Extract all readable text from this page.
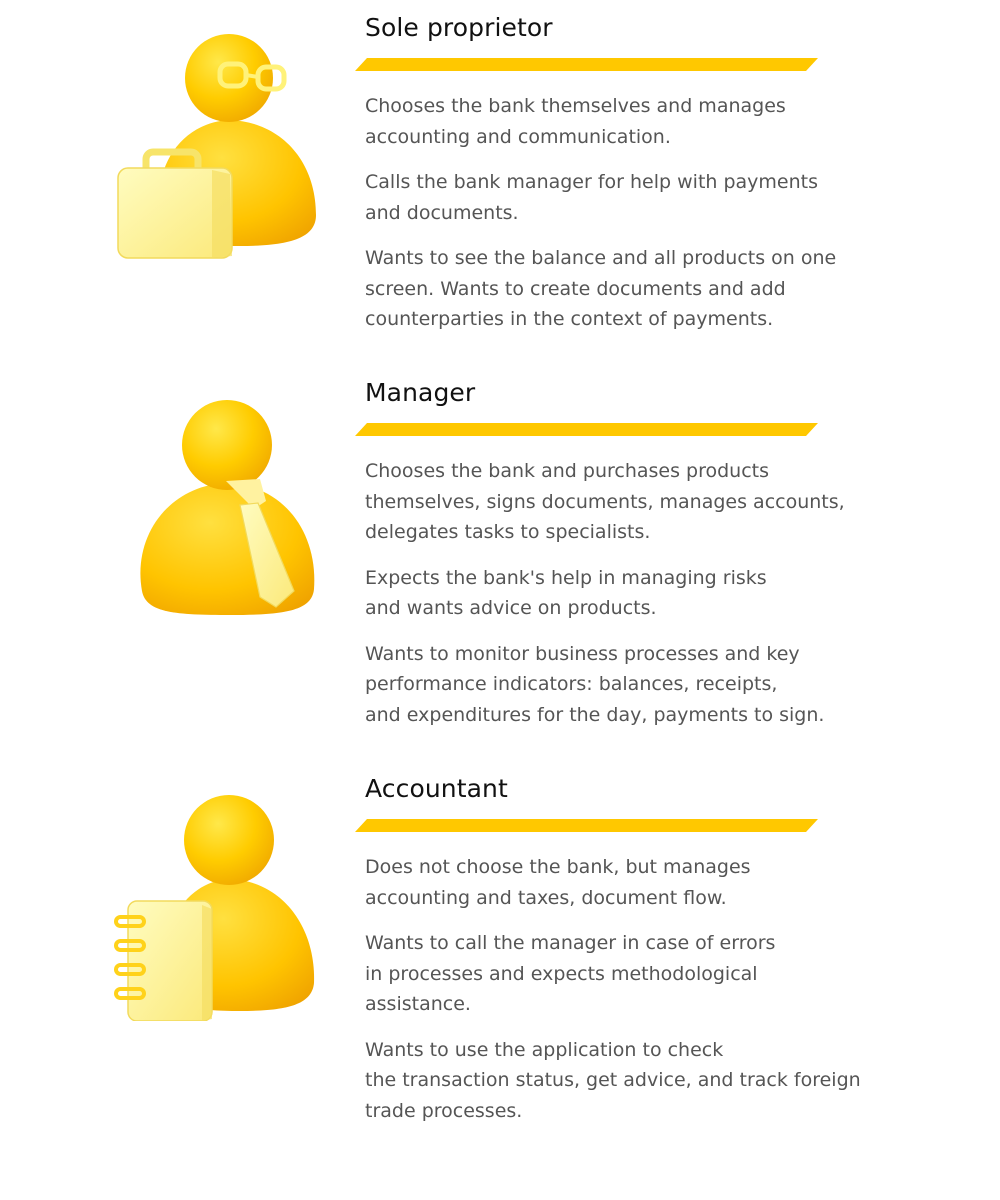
Sole proprietor

Chooses the bank themselves and manages
accounting and communication.

Calls the bank manager for help with payments
and documents.

Wants to see the balance and all products on one
screen. Wants to create documents and add
counterparties in the context of payments.

Manager

Chooses the bank and purchases products
themselves, signs documents, manages accounts,
delegates tasks to specialists.

Expects the bank's help in managing risks
and wants advice on products.

Wants to monitor business processes and key
performance indicators: balances, receipts,
and expenditures for the day, payments to sign.

Accountant

Does not choose the bank, but manages
accounting and taxes, document flow.

Wants to call the manager in case of errors
in processes and expects methodological
assistance.

Wants to use the application to check
the transaction status, get advice, and track foreign
trade processes.
